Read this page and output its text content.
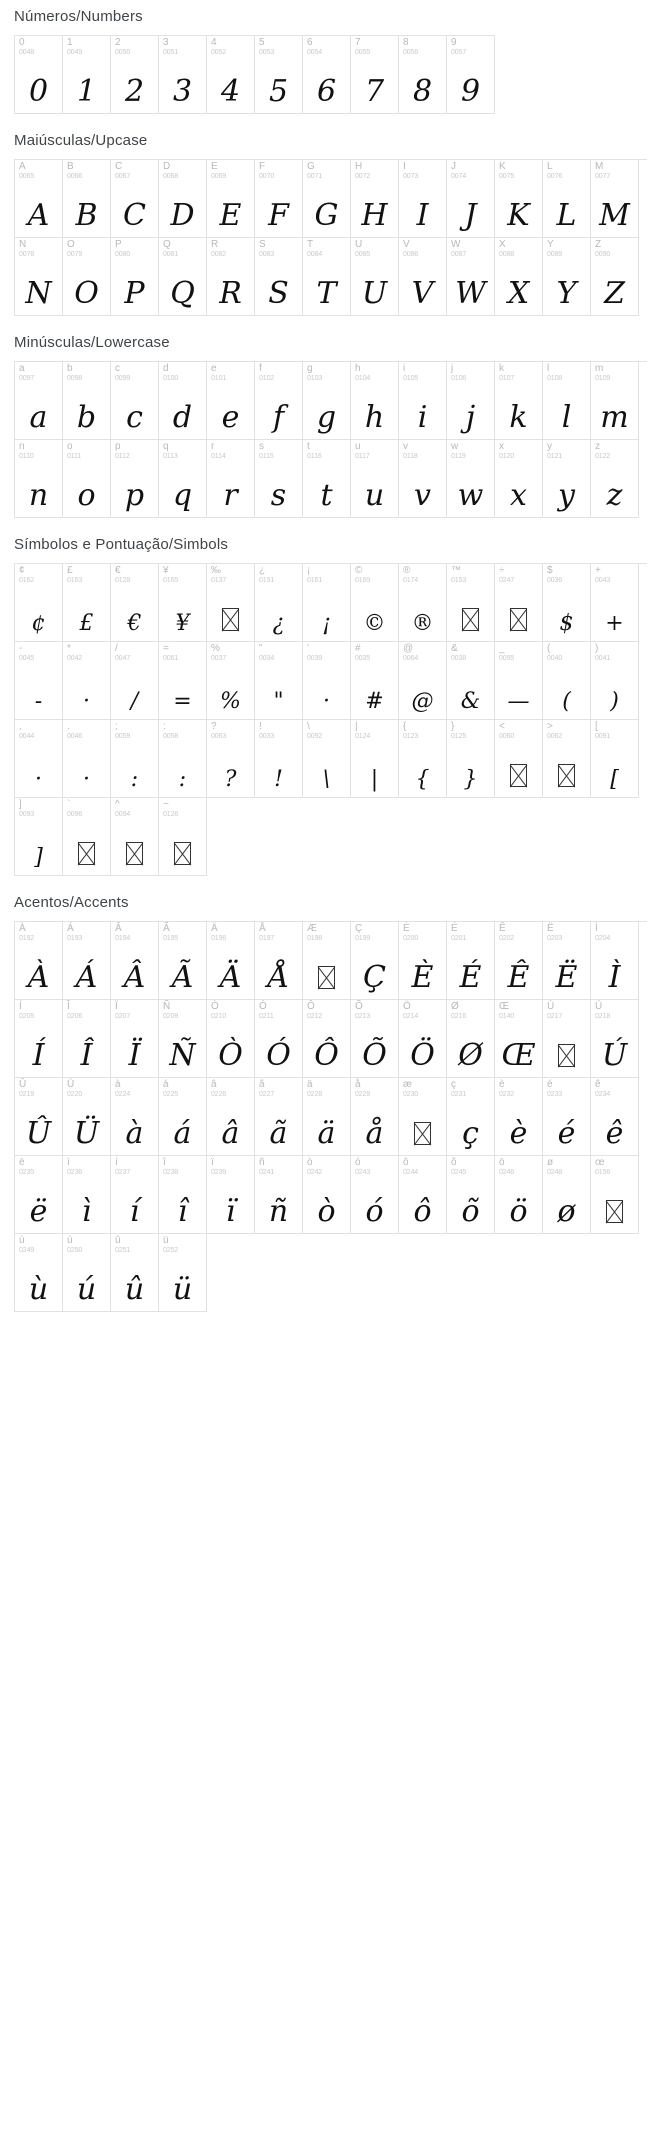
Números/Numbers
0
0048
0
1
0049
1
2
0050
2
3
0051
3
4
0052
4
5
0053
5
6
0054
6
7
0055
7
8
0056
8
9
0057
9
Maiúsculas/Upcase
A
0065
A
B
0066
B
C
0067
C
D
0068
D
E
0069
E
F
0070
F
G
0071
G
H
0072
H
I
0073
I
J
0074
J
K
0075
K
L
0076
L
M
0077
M
N
0078
N
O
0079
O
P
0080
P
Q
0081
Q
R
0082
R
S
0083
S
T
0084
T
U
0085
U
V
0086
V
W
0087
W
X
0088
X
Y
0089
Y
Z
0090
Z
Minúsculas/Lowercase
a
0097
a
b
0098
b
c
0099
c
d
0100
d
e
0101
e
f
0102
f
g
0103
g
h
0104
h
i
0105
i
j
0106
j
k
0107
k
l
0108
l
m
0109
m
n
0110
n
o
0111
o
p
0112
p
q
0113
q
r
0114
r
s
0115
s
t
0116
t
u
0117
u
v
0118
v
w
0119
w
x
0120
x
y
0121
y
z
0122
z
Símbolos e Pontuação/Simbols
¢
0162
¢
£
0163
£
€
0128
€
¥
0165
¥
‰
0137
¿
0191
¿
¡
0161
¡
©
0169
©
®
0174
®
™
0153
÷
0247
$
0036
$
+
0043
+
-
0045
-
*
0042
·
/
0047
/
=
0061
=
%
0037
%
"
0034
"
'
0039
·
#
0035
#
@
0064
@
&
0038
&
_
0095
—
(
0040
(
)
0041
)
,
0044
·
.
0046
·
;
0059
:
:
0058
:
?
0063
?
!
0033
!
\
0092
\
|
0124
|
{
0123
{
}
0125
}
<
0060
>
0062
[
0091
[
]
0093
]
`
0096
^
0094
~
0126
Acentos/Accents
À
0192
À
Á
0193
Á
Â
0194
Â
Ã
0195
Ã
Ä
0196
Ä
Å
0197
Å
Æ
0198
Ç
0199
Ç
È
0200
È
É
0201
É
Ê
0202
Ê
Ë
0203
Ë
Ì
0204
Ì
Í
0205
Í
Î
0206
Î
Ï
0207
Ï
Ñ
0209
Ñ
Ò
0210
Ò
Ó
0211
Ó
Ô
0212
Ô
Õ
0213
Õ
Ö
0214
Ö
Ø
0216
Ø
Œ
0140
Œ
Ù
0217
Ú
0218
Ú
Û
0219
Û
Ü
0220
Ü
à
0224
à
á
0225
á
â
0226
â
ã
0227
ã
ä
0228
ä
å
0229
å
æ
0230
ç
0231
ç
è
0232
è
é
0233
é
ê
0234
ê
ë
0235
ë
ì
0236
ì
í
0237
í
î
0238
î
ï
0239
ï
ñ
0241
ñ
ò
0242
ò
ó
0243
ó
ô
0244
ô
õ
0245
õ
ö
0246
ö
ø
0248
ø
œ
0156
ù
0249
ù
ú
0250
ú
û
0251
û
ü
0252
ü
